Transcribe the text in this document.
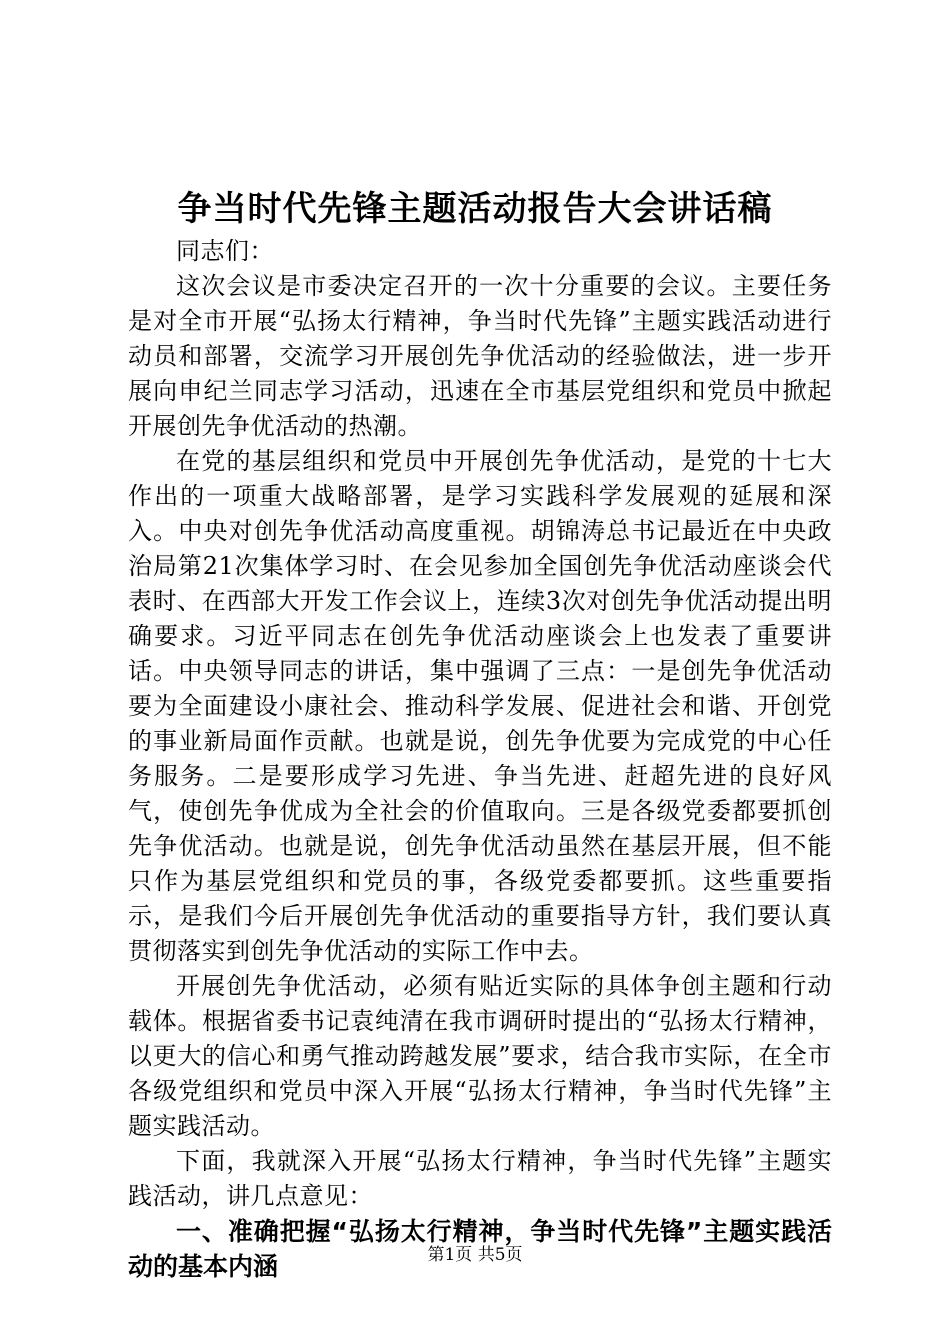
争当时代先锋主题活动报告大会讲话稿

同志们：

这次会议是市委决定召开的一次十分重要的会议。主要任务是对全市开展“弘扬太行精神，争当时代先锋”主题实践活动进行动员和部署，交流学习开展创先争优活动的经验做法，进一步开展向申纪兰同志学习活动，迅速在全市基层党组织和党员中掀起开展创先争优活动的热潮。

在党的基层组织和党员中开展创先争优活动，是党的十七大作出的一项重大战略部署，是学习实践科学发展观的延展和深入。中央对创先争优活动高度重视。胡锦涛总书记最近在中央政治局第21次集体学习时、在会见参加全国创先争优活动座谈会代表时、在西部大开发工作会议上，连续3次对创先争优活动提出明确要求。习近平同志在创先争优活动座谈会上也发表了重要讲话。中央领导同志的讲话，集中强调了三点：一是创先争优活动要为全面建设小康社会、推动科学发展、促进社会和谐、开创党的事业新局面作贡献。也就是说，创先争优要为完成党的中心任务服务。二是要形成学习先进、争当先进、赶超先进的良好风气，使创先争优成为全社会的价值取向。三是各级党委都要抓创先争优活动。也就是说，创先争优活动虽然在基层开展，但不能只作为基层党组织和党员的事，各级党委都要抓。这些重要指示，是我们今后开展创先争优活动的重要指导方针，我们要认真贯彻落实到创先争优活动的实际工作中去。

开展创先争优活动，必须有贴近实际的具体争创主题和行动载体。根据省委书记袁纯清在我市调研时提出的“弘扬太行精神，以更大的信心和勇气推动跨越发展”要求，结合我市实际，在全市各级党组织和党员中深入开展“弘扬太行精神，争当时代先锋”主题实践活动。

下面，我就深入开展“弘扬太行精神，争当时代先锋”主题实践活动，讲几点意见：

一、准确把握“弘扬太行精神，争当时代先锋”主题实践活动的基本内涵	第1页 共5页
